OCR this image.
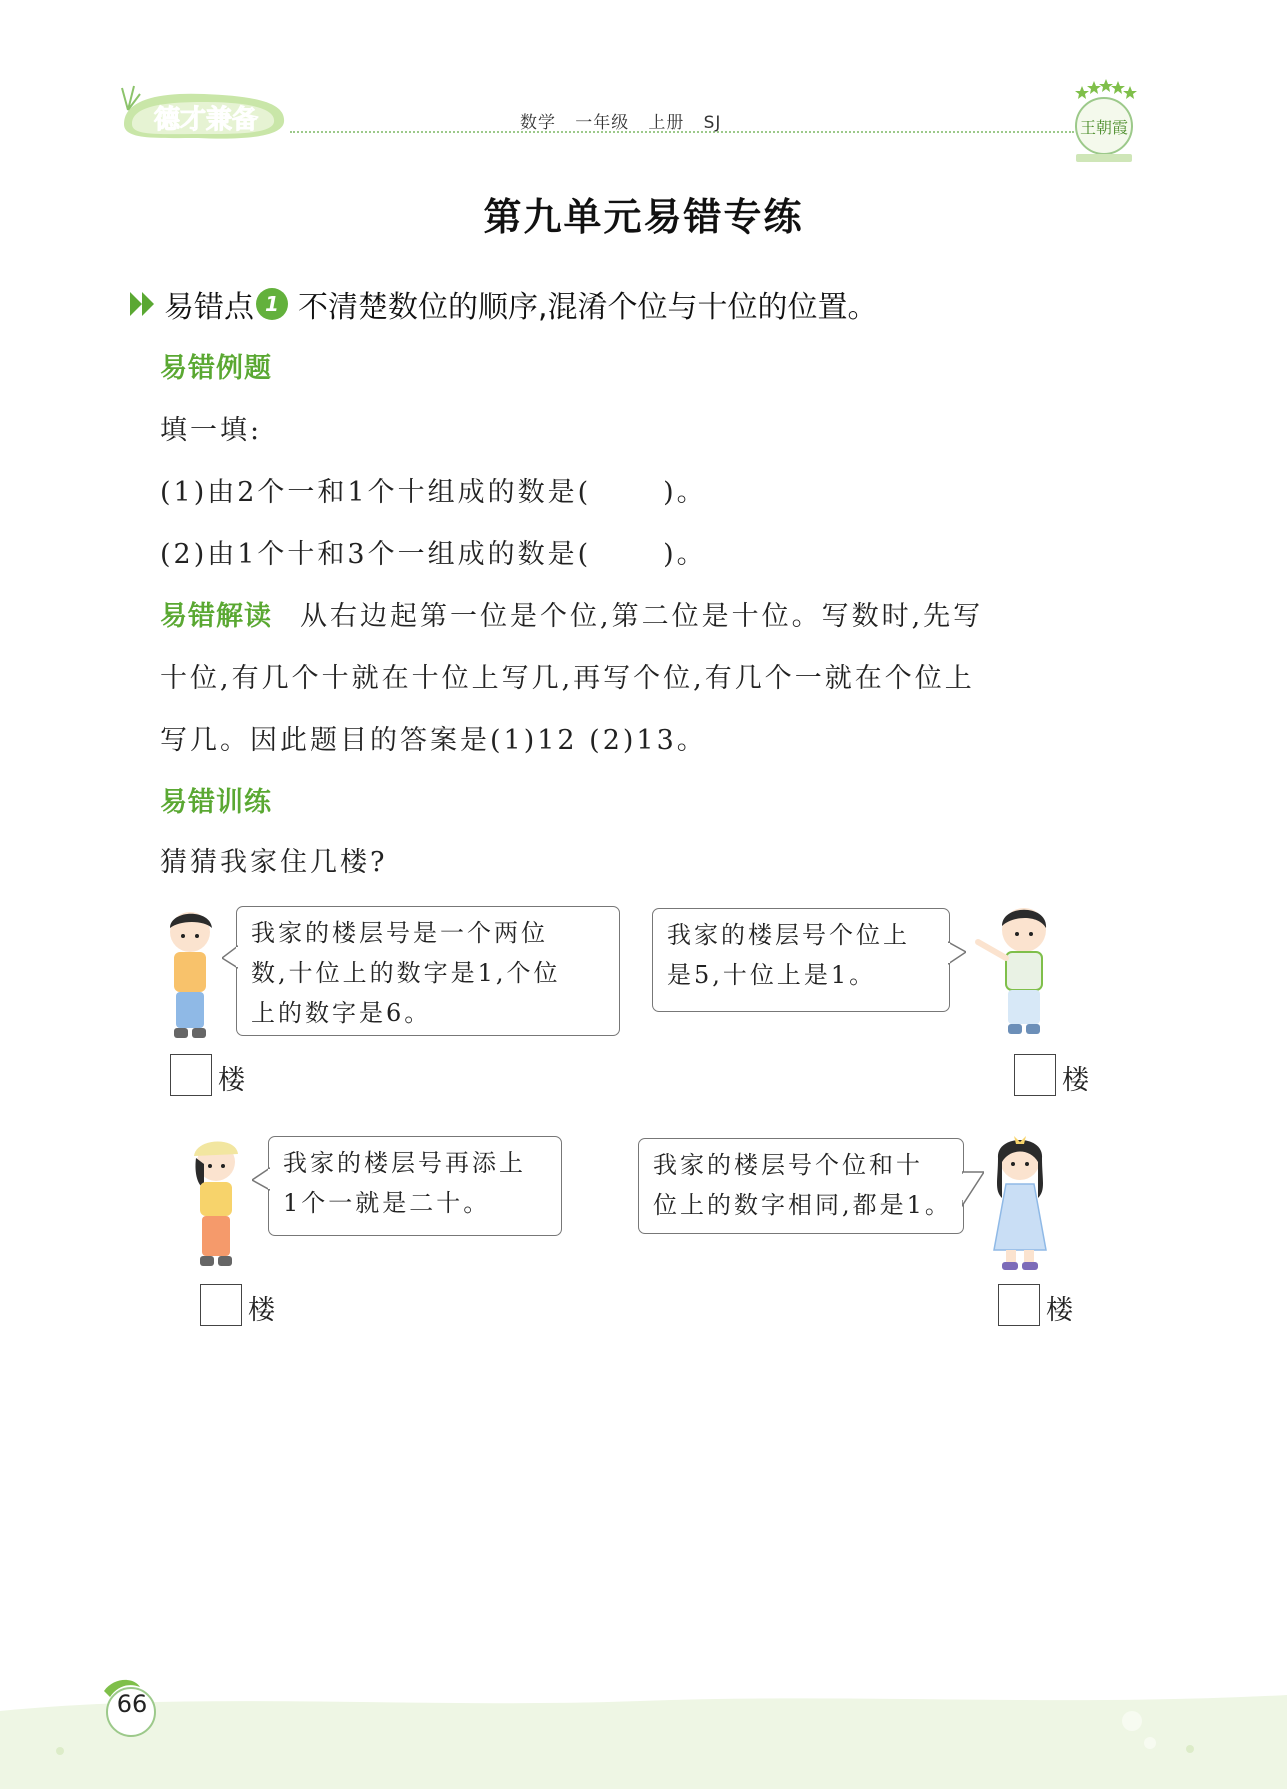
德才兼备	数学   一年级   上册   SJ	王朝霞
第九单元易错专练
易错点 1 不清楚数位的顺序,混淆个位与十位的位置。
易错例题
填一填:
(1)由2个一和1个十组成的数是(	)。
(2)由1个十和3个一组成的数是(	)。
易错解读 从右边起第一位是个位,第二位是十位。写数时,先写
十位,有几个十就在十位上写几,再写个位,有几个一就在个位上
写几。因此题目的答案是(1)12 (2)13。
易错训练
猜猜我家住几楼?
我家的楼层号是一个两位
数,十位上的数字是1,个位
上的数字是6。
楼
我家的楼层号个位上
是5,十位上是1。
楼
我家的楼层号再添上
1个一就是二十。
楼
我家的楼层号个位和十
位上的数字相同,都是1。
楼
66
